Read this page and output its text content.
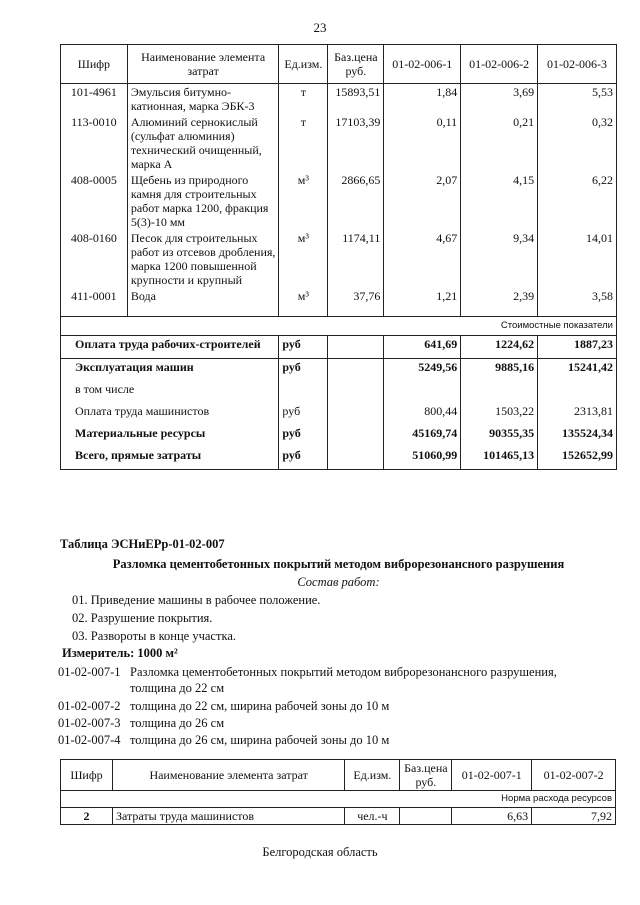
23
Шифр	Наименование элемента затрат	Ед.изм.	Баз.цена руб.	01-02-006-1	01-02-006-2	01-02-006-3
101-4961	Эмульсия битумно-катионная, марка ЭБК-3	т	15893,51	1,84	3,69	5,53
113-0010	Алюминий сернокислый (сульфат алюминия) технический очищенный, марка А	т	17103,39	0,11	0,21	0,32
408-0005	Щебень из природного камня для строительных работ марка 1200, фракция 5(3)-10 мм	м³	2866,65	2,07	4,15	6,22
408-0160	Песок для строительных работ из отсевов дробления, марка 1200 повышенной крупности и крупный	м³	1174,11	4,67	9,34	14,01
411-0001	Вода	м³	37,76	1,21	2,39	3,58
Стоимостные показатели						
Оплата труда рабочих-строителей		руб		641,69	1224,62	1887,23
Эксплуатация машин		руб		5249,56	9885,16	15241,42
в том числе						
Оплата труда машинистов		руб		800,44	1503,22	2313,81
Материальные ресурсы		руб		45169,74	90355,35	135524,34
Всего, прямые затраты		руб		51060,99	101465,13	152652,99
Таблица ЭСНиЕРр-01-02-007
Разломка цементобетонных покрытий методом виброрезонансного разрушения
Состав работ:
01. Приведение машины в рабочее положение.
02. Разрушение покрытия.
03. Развороты в конце участка.
Измеритель: 1000 м²
01-02-007-1 Разломка цементобетонных покрытий методом виброрезонансного разрушения, толщина до 22 см
01-02-007-2 толщина до 22 см, ширина рабочей зоны до 10 м
01-02-007-3 толщина до 26 см
01-02-007-4 толщина до 26 см, ширина рабочей зоны до 10 м
Шифр	Наименование элемента затрат	Ед.изм.	Баз.цена руб.	01-02-007-1	01-02-007-2
Норма расхода ресурсов					
2	Затраты труда машинистов	чел.-ч		6,63	7,92
Белгородская область
